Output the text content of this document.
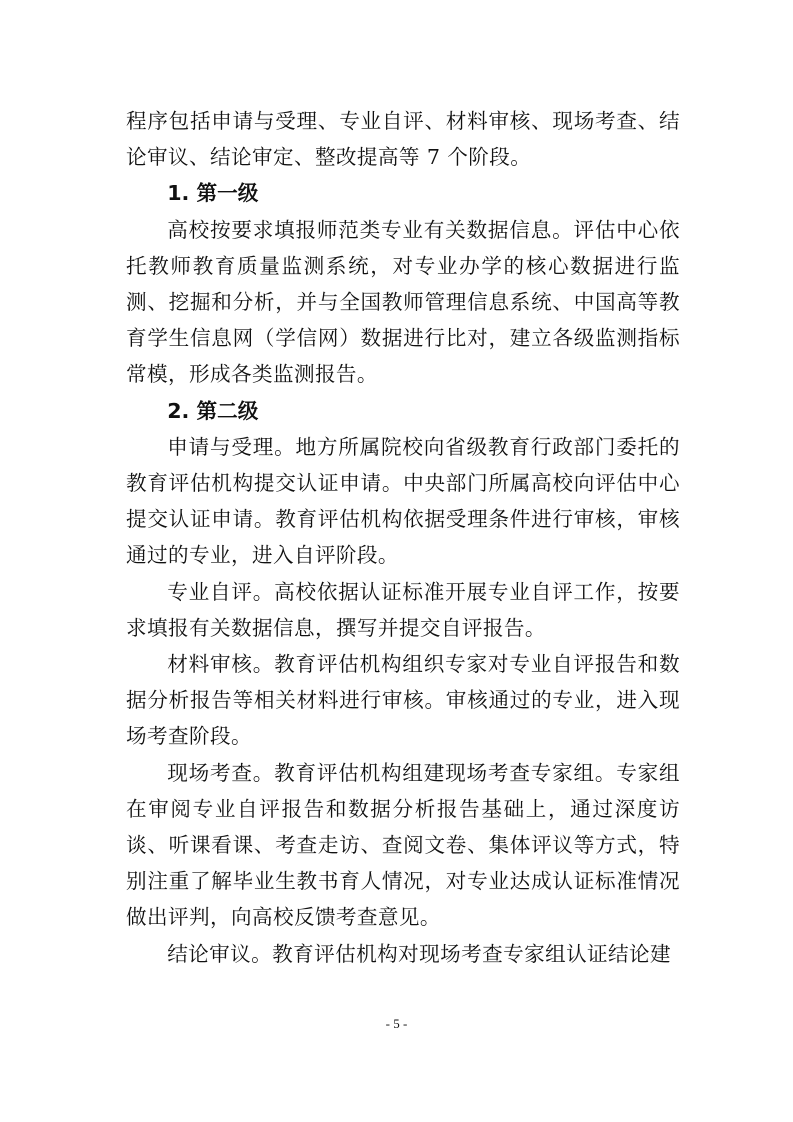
程序包括申请与受理、专业自评、材料审核、现场考查、结论审议、结论审定、整改提高等 7 个阶段。

1. 第一级

高校按要求填报师范类专业有关数据信息。评估中心依托教师教育质量监测系统，对专业办学的核心数据进行监测、挖掘和分析，并与全国教师管理信息系统、中国高等教育学生信息网（学信网）数据进行比对，建立各级监测指标常模，形成各类监测报告。

2. 第二级

申请与受理。地方所属院校向省级教育行政部门委托的教育评估机构提交认证申请。中央部门所属高校向评估中心提交认证申请。教育评估机构依据受理条件进行审核，审核通过的专业，进入自评阶段。

专业自评。高校依据认证标准开展专业自评工作，按要求填报有关数据信息，撰写并提交自评报告。

材料审核。教育评估机构组织专家对专业自评报告和数据分析报告等相关材料进行审核。审核通过的专业，进入现场考查阶段。

现场考查。教育评估机构组建现场考查专家组。专家组在审阅专业自评报告和数据分析报告基础上，通过深度访谈、听课看课、考查走访、查阅文卷、集体评议等方式，特别注重了解毕业生教书育人情况，对专业达成认证标准情况做出评判，向高校反馈考查意见。

结论审议。教育评估机构对现场考查专家组认证结论建

- 5 -
